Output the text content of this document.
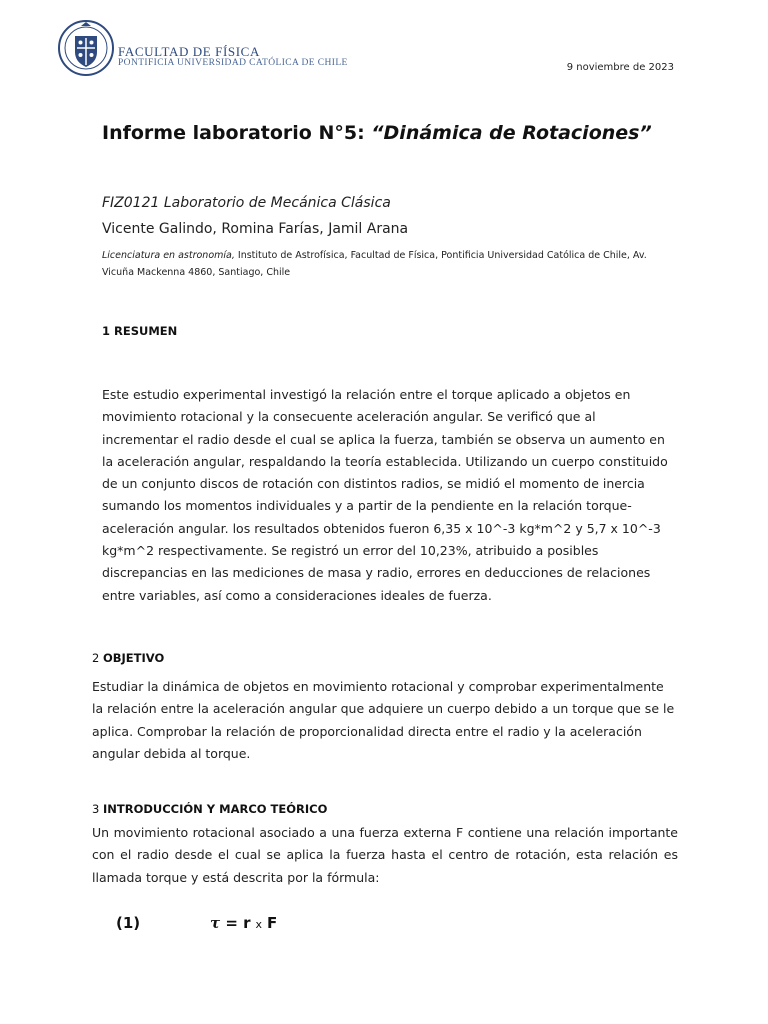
FACULTAD DE FÍSICA
PONTIFICIA UNIVERSIDAD CATÓLICA DE CHILE	9 noviembre de 2023
Informe laboratorio N°5: “Dinámica de Rotaciones”
FIZ0121 Laboratorio de Mecánica Clásica
Vicente Galindo, Romina Farías, Jamil Arana
Licenciatura en astronomía, Instituto de Astrofísica, Facultad de Física, Pontificia Universidad Católica de Chile, Av. Vicuña Mackenna 4860, Santiago, Chile
1 RESUMEN
Este estudio experimental investigó la relación entre el torque aplicado a objetos en movimiento rotacional y la consecuente aceleración angular. Se verificó que al incrementar el radio desde el cual se aplica la fuerza, también se observa un aumento en la aceleración angular, respaldando la teoría establecida. Utilizando un cuerpo constituido de un conjunto discos de rotación con distintos radios, se midió el momento de inercia sumando los momentos individuales y a partir de la pendiente en la relación torque-aceleración angular. los resultados obtenidos fueron 6,35 x 10^-3 kg*m^2 y 5,7 x 10^-3 kg*m^2 respectivamente. Se registró un error del 10,23%, atribuido a posibles discrepancias en las mediciones de masa y radio, errores en deducciones de relaciones entre variables, así como a consideraciones ideales de fuerza.
2 OBJETIVO
Estudiar la dinámica de objetos en movimiento rotacional y comprobar experimentalmente la relación entre la aceleración angular que adquiere un cuerpo debido a un torque que se le aplica. Comprobar la relación de proporcionalidad directa entre el radio y la aceleración angular debida al torque.
3 INTRODUCCIÓN Y MARCO TEÓRICO
Un movimiento rotacional asociado a una fuerza externa F contiene una relación importante con el radio desde el cual se aplica la fuerza hasta el centro de rotación, esta relación es llamada torque y está descrita por la fórmula:
(1)	τ = r x F
